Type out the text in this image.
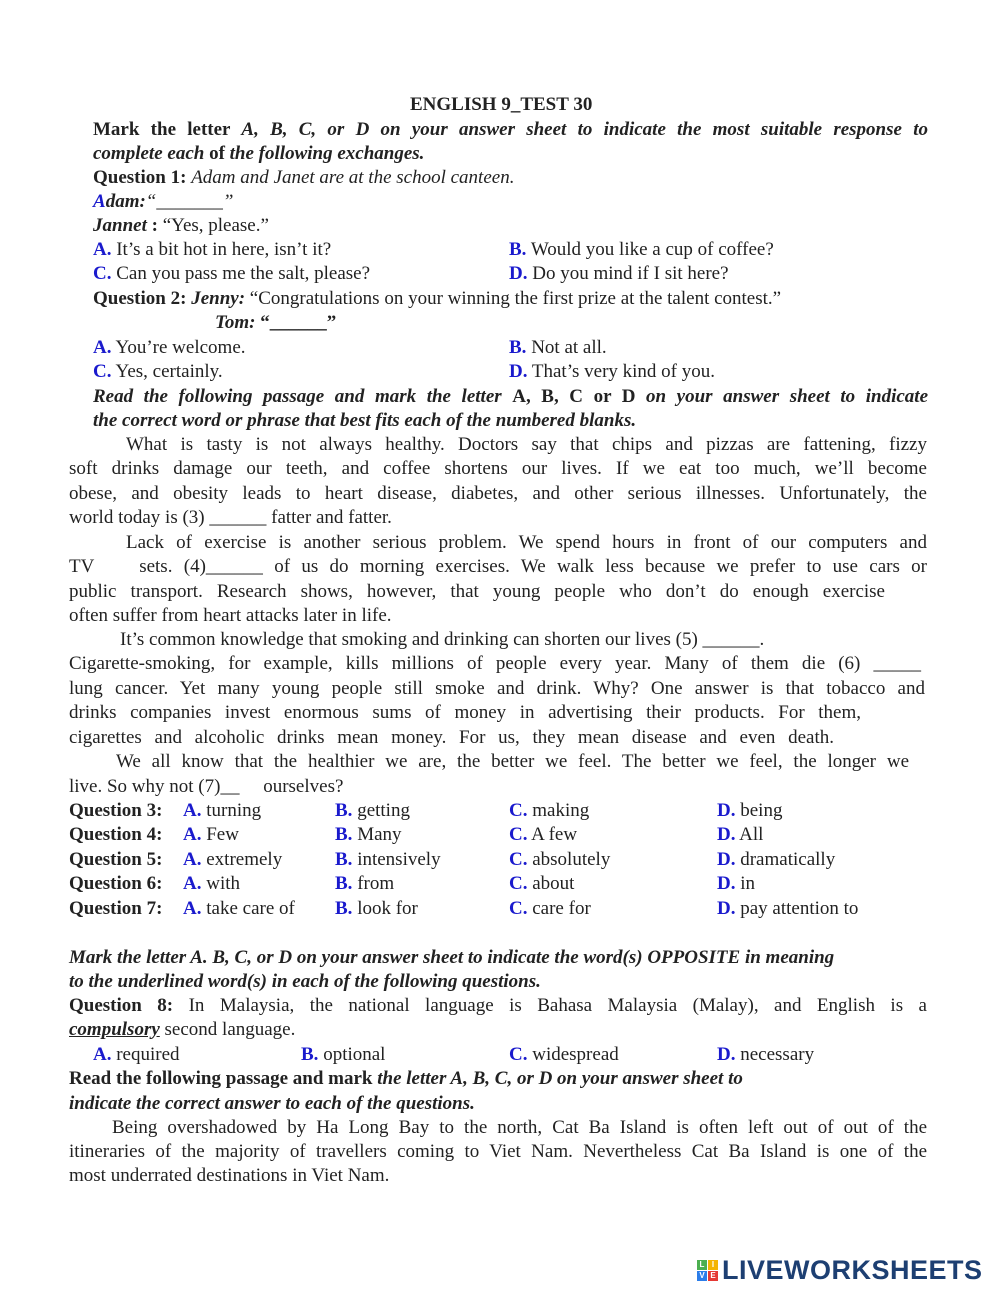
ENGLISH 9_TEST 30
Mark the letter A, B, C, or D on your answer sheet to indicate the most suitable response to
complete each of the following exchanges.
Question 1: Adam and Janet are at the school canteen.
Adam:“_______”
Jannet : “Yes, please.”
A. It’s a bit hot in here, isn’t it?	B. Would you like a cup of coffee?
C. Can you pass me the salt, please?	D. Do you mind if I sit here?
Question 2: Jenny: “Congratulations on your winning the first prize at the talent contest.”
Tom: “______”
A. You’re welcome.	B. Not at all.
C. Yes, certainly.	D. That’s very kind of you.
Read the following passage and mark the letter A, B, C or D on your answer sheet to indicate
the correct word or phrase that best fits each of the numbered blanks.
What is tasty is not always healthy. Doctors say that chips and pizzas are fattening, fizzy
soft drinks damage our teeth, and coffee shortens our lives. If we eat too much, we’ll become
obese, and obesity leads to heart disease, diabetes, and other serious illnesses. Unfortunately, the
world today is (3) ______ fatter and fatter.
Lack of exercise is another serious problem. We spend hours in front of our computers and
TV    sets. (4)______ of us do morning exercises. We walk less because we prefer to use cars or
public transport. Research shows, however, that young people who don’t do enough exercise
often suffer from heart attacks later in life.
It’s common knowledge that smoking and drinking can shorten our lives (5) ______.
Cigarette-smoking, for example, kills millions of people every year. Many of them die (6) _____
lung cancer. Yet many young people still smoke and drink. Why? One answer is that tobacco and
drinks companies invest enormous sums of money in advertising their products. For them,
cigarettes and alcoholic drinks mean money. For us, they mean disease and even death.
We all know that the healthier we are, the better we feel. The better we feel, the longer we
live. So why not (7)__     ourselves?
Question 3: A. turning	B. getting	C. making	D. being
Question 4: A. Few	B. Many	C. A few	D. All
Question 5: A. extremely	B. intensively	C. absolutely	D. dramatically
Question 6: A. with	B. from	C. about	D. in
Question 7: A. take care of B. look for	C. care for	D. pay attention to
Mark the letter A. B, C, or D on your answer sheet to indicate the word(s) OPPOSITE in meaning
to the underlined word(s) in each of the following questions.
Question 8: In Malaysia, the national language is Bahasa Malaysia (Malay), and English is a
compulsory second language.
A. required	B. optional	C. widespread	D. necessary
Read the following passage and mark the letter A, B, C, or D on your answer sheet to
indicate the correct answer to each of the questions.
Being overshadowed by Ha Long Bay to the north, Cat Ba Island is often left out of out of the
itineraries of the majority of travellers coming to Viet Nam. Nevertheless Cat Ba Island is one of the
most underrated destinations in Viet Nam.
L I
V E LIVEWORKSHEETS
